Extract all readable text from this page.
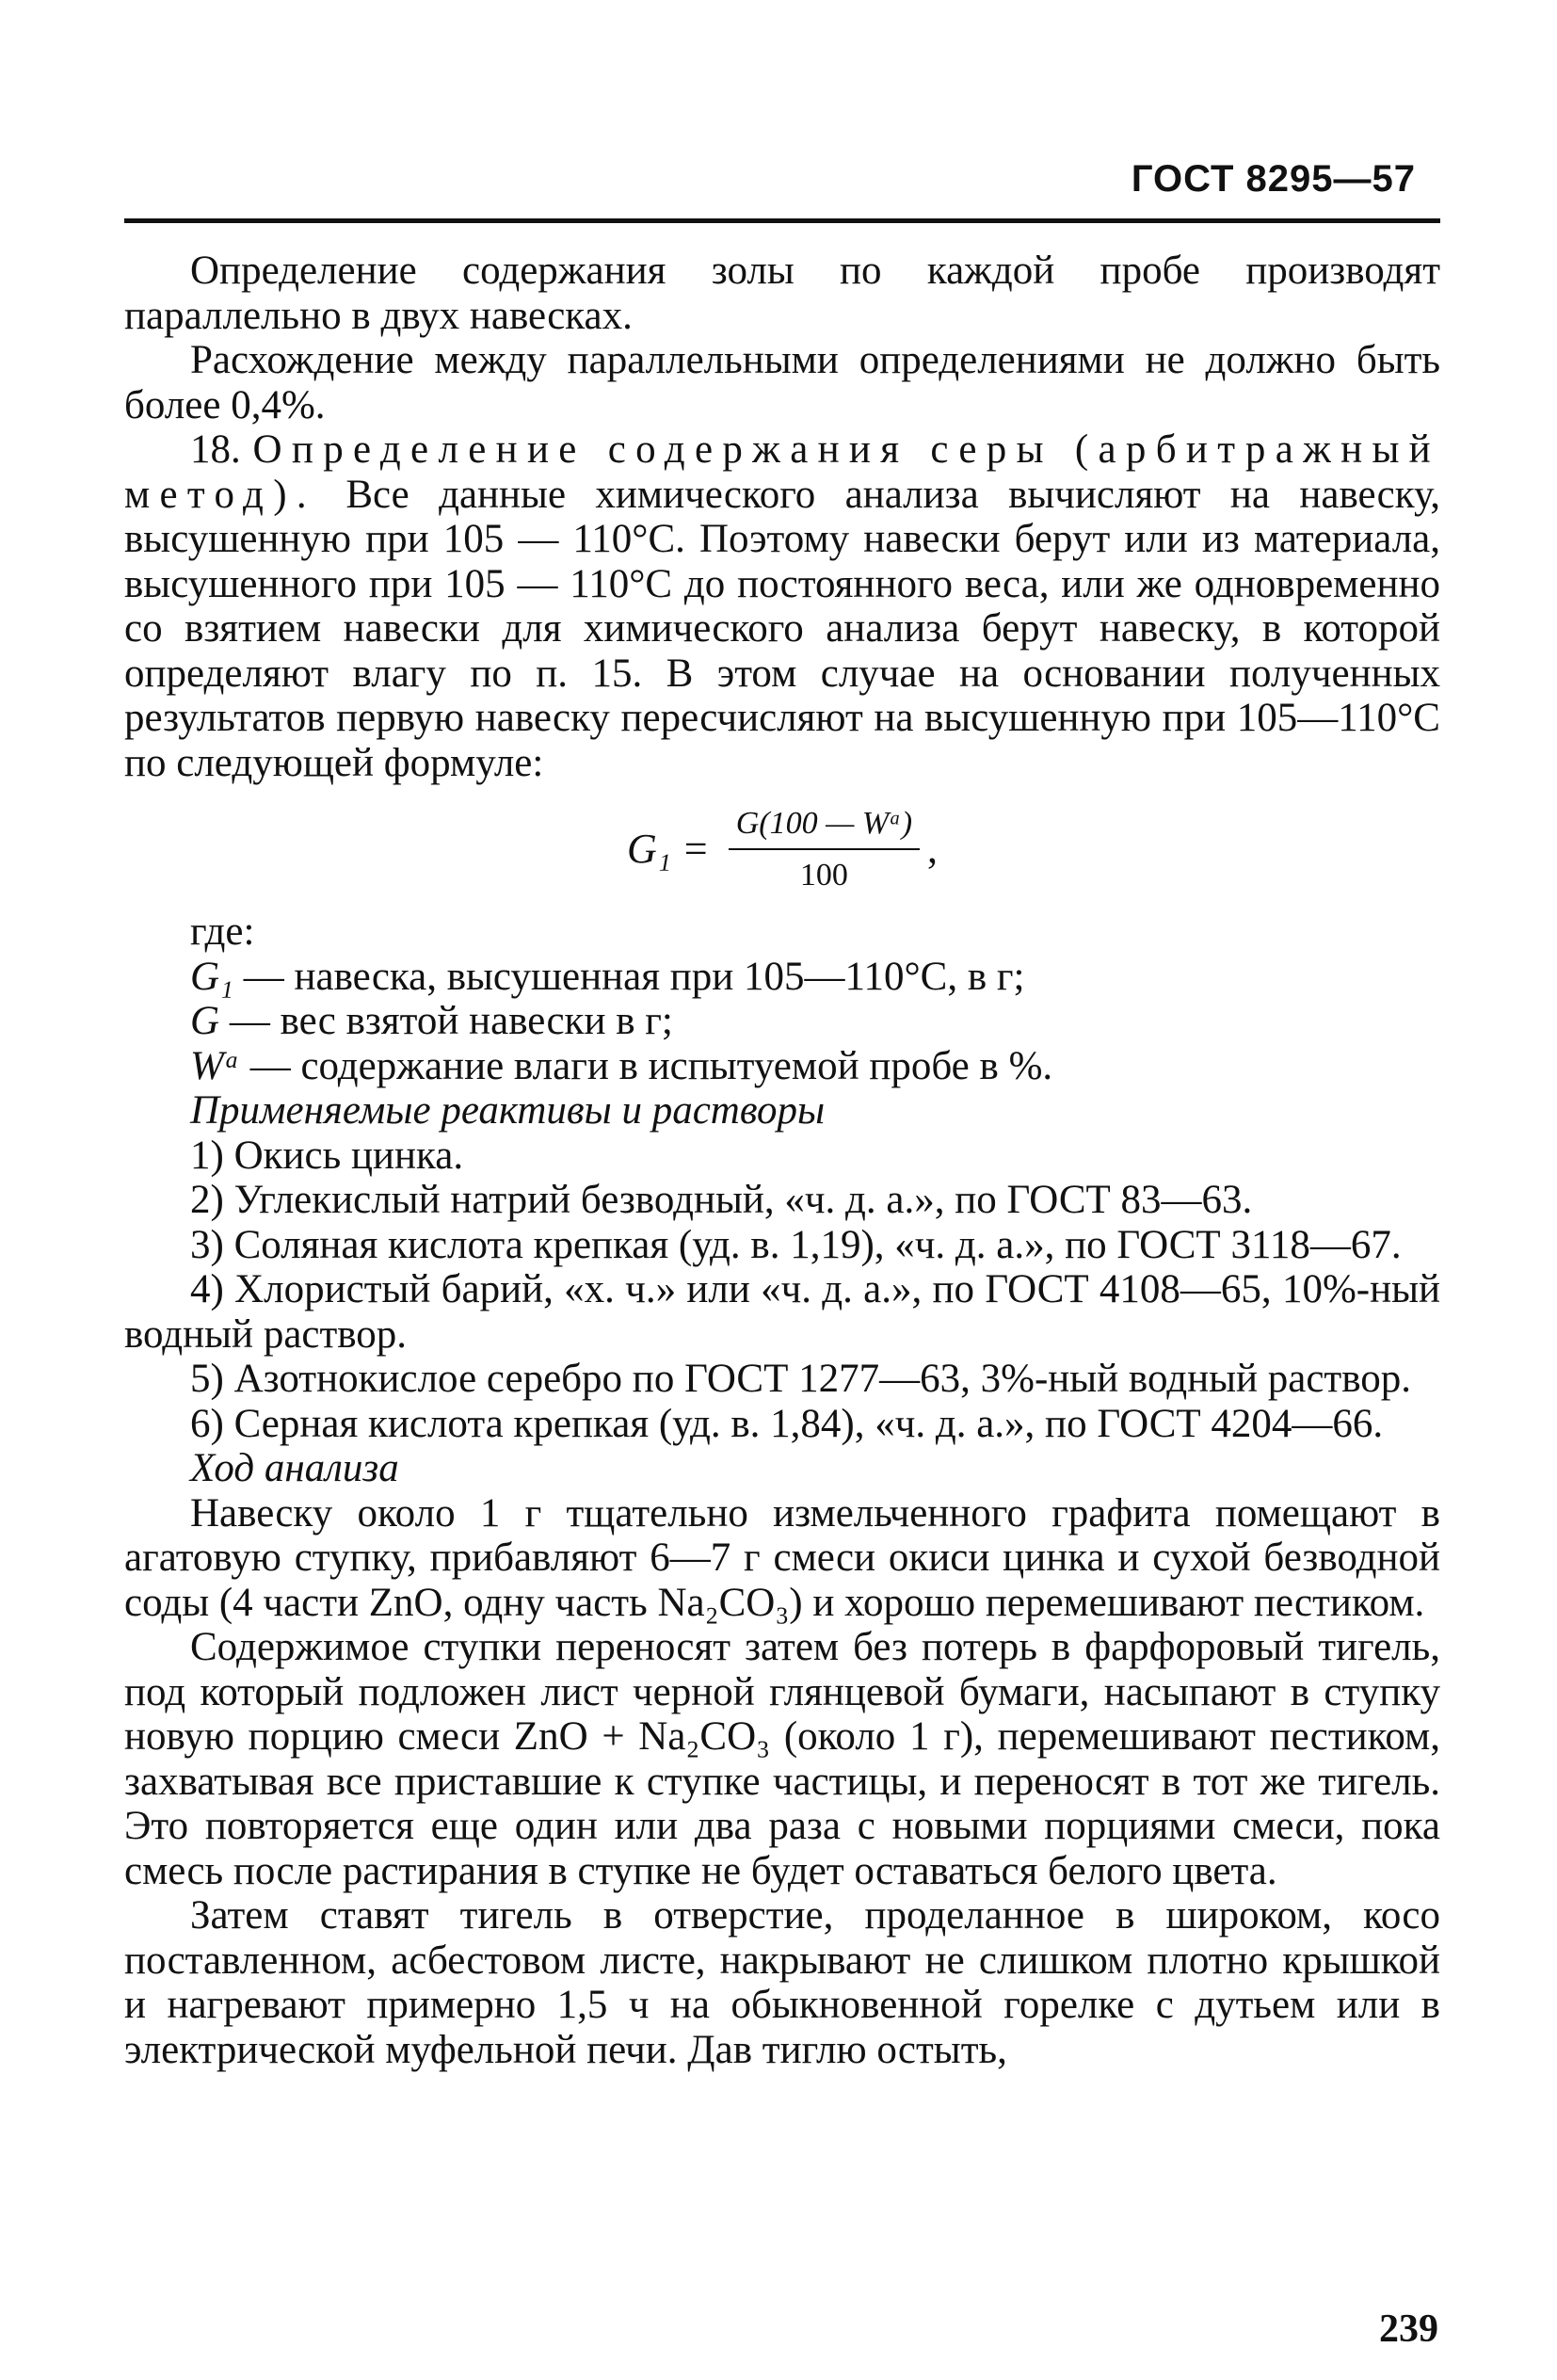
ГОСТ 8295—57

Определение содержания золы по каждой пробе производят параллельно в двух навесках.

Расхождение между параллельными определениями не должно быть более 0,4%.

18. Определение содержания серы (арбитражный метод). Все данные химического анализа вычисляют на навеску, высушенную при 105 — 110°С. Поэтому навески берут или из материала, высушенного при 105 — 110°С до постоянного веса, или же одновременно со взятием навески для химического анализа берут навеску, в которой определяют влагу по п. 15. В этом случае на основании полученных результатов первую навеску пересчисляют на высушенную при 105—110°С по следующей формуле:

$G_1 = \frac{\text{G(100 — Wᵃ)}}{100}$ ,

где:

G₁ — навеска, высушенная при 105—110°С, в г;

G — вес взятой навески в г;

Wᵃ — содержание влаги в испытуемой пробе в %.

Применяемые реактивы и растворы

1) Окись цинка.

2) Углекислый натрий безводный, «ч. д. а.», по ГОСТ 83—63.

3) Соляная кислота крепкая (уд. в. 1,19), «ч. д. а.», по ГОСТ 3118—67.

4) Хлористый барий, «х. ч.» или «ч. д. а.», по ГОСТ 4108—65, 10%-ный водный раствор.

5) Азотнокислое серебро по ГОСТ 1277—63, 3%-ный водный раствор.

6) Серная кислота крепкая (уд. в. 1,84), «ч. д. а.», по ГОСТ 4204—66.

Ход анализа

Навеску около 1 г тщательно измельченного графита помещают в агатовую ступку, прибавляют 6—7 г смеси окиси цинка и сухой безводной соды (4 части ZnO, одну часть Na₂CO₃) и хорошо перемешивают пестиком.

Содержимое ступки переносят затем без потерь в фарфоровый тигель, под который подложен лист черной глянцевой бумаги, насыпают в ступку новую порцию смеси ZnO + Na₂CO₃ (около 1 г), перемешивают пестиком, захватывая все приставшие к ступке частицы, и переносят в тот же тигель. Это повторяется еще один или два раза с новыми порциями смеси, пока смесь после растирания в ступке не будет оставаться белого цвета.

Затем ставят тигель в отверстие, проделанное в широком, косо поставленном, асбестовом листе, накрывают не слишком плотно крышкой и нагревают примерно 1,5 ч на обыкновенной горелке с дутьем или в электрической муфельной печи. Дав тиглю остыть,

239
